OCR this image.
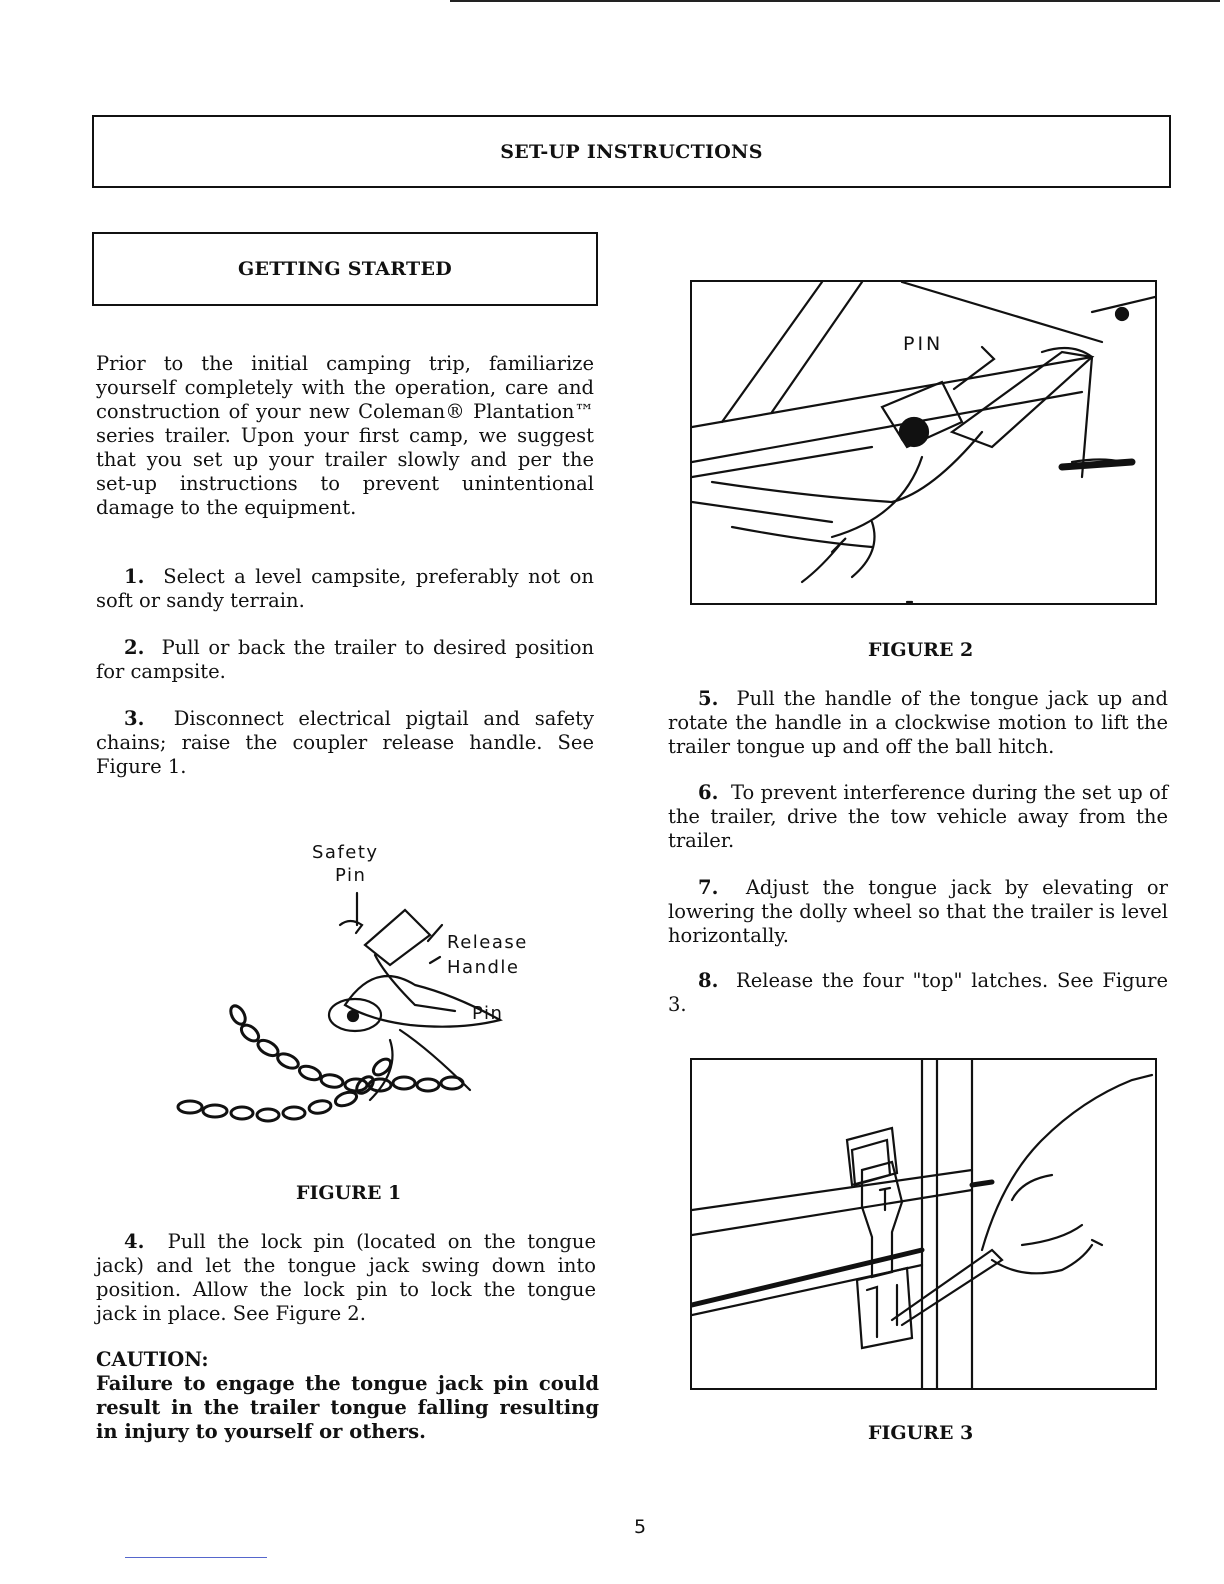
SET-UP INSTRUCTIONS
GETTING STARTED
Prior to the initial camping trip, familiarize yourself completely with the operation, care and construction of your new Coleman® Plantation™ series trailer. Upon your first camp, we suggest that you set up your trailer slowly and per the set-up instructions to prevent unintentional damage to the equipment.
1. Select a level campsite, preferably not on soft or sandy terrain.
2. Pull or back the trailer to desired position for campsite.
3. Disconnect electrical pigtail and safety chains; raise the coupler release handle. See Figure 1.
Safety
Pin
Release
Handle
Pin
FIGURE 1
4. Pull the lock pin (located on the tongue jack) and let the tongue jack swing down into position. Allow the lock pin to lock the tongue jack in place. See Figure 2.
CAUTION:
Failure to engage the tongue jack pin could result in the trailer tongue falling resulting in injury to yourself or others.
PIN
FIGURE 2
5. Pull the handle of the tongue jack up and rotate the handle in a clockwise motion to lift the trailer tongue up and off the ball hitch.
6. To prevent interference during the set up of the trailer, drive the tow vehicle away from the trailer.
7. Adjust the tongue jack by elevating or lowering the dolly wheel so that the trailer is level horizontally.
8. Release the four "top" latches. See Figure 3.
FIGURE 3
5
